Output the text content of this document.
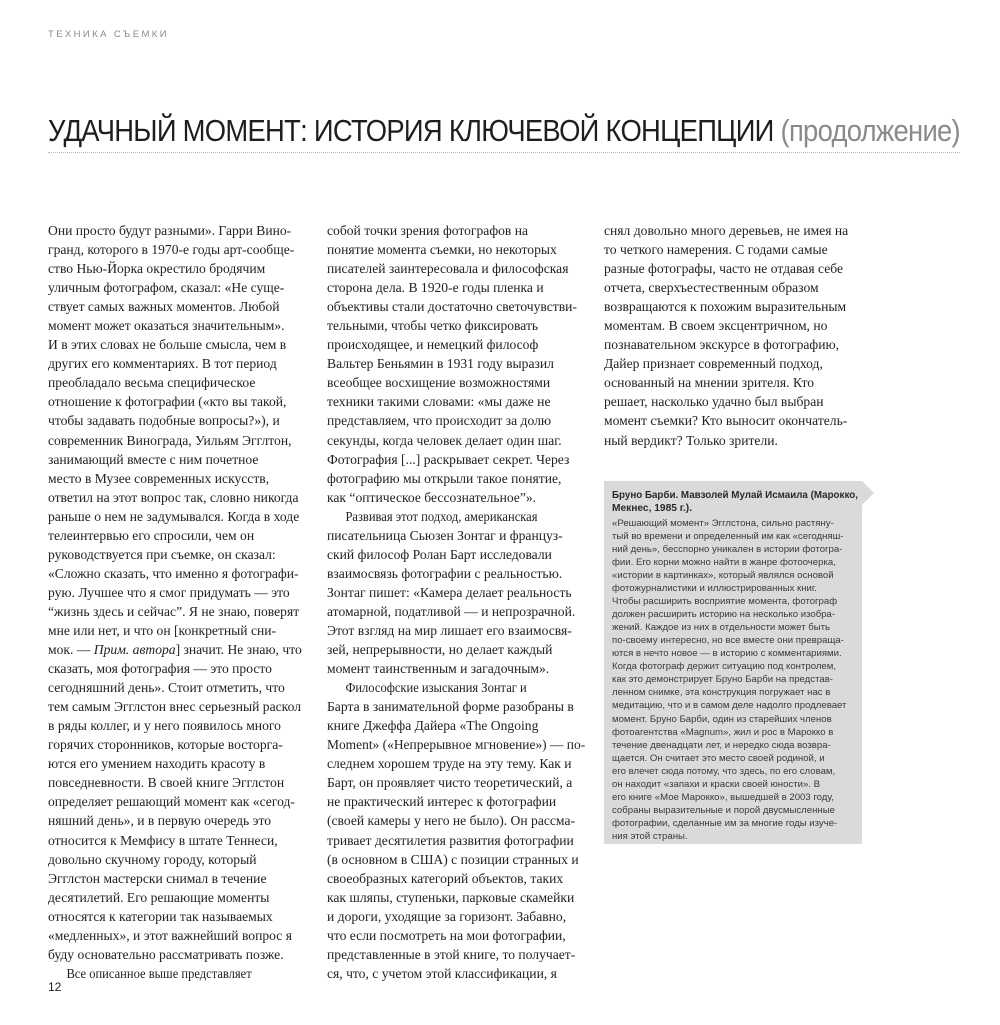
ТЕХНИКА СЪЕМКИ
УДАЧНЫЙ МОМЕНТ: ИСТОРИЯ КЛЮЧЕВОЙ КОНЦЕПЦИИ (продолжение)
Они просто будут разными». Гарри Вино-
гранд, которого в 1970-е годы арт-сообще-
ство Нью-Йорка окрестило бродячим
уличным фотографом, сказал: «Не суще-
ствует самых важных моментов. Любой
момент может оказаться значительным».
И в этих словах не больше смысла, чем в
других его комментариях. В тот период
преобладало весьма специфическое
отношение к фотографии («кто вы такой,
чтобы задавать подобные вопросы?»), и
современник Винограда, Уильям Эгглтон,
занимающий вместе с ним почетное
место в Музее современных искусств,
ответил на этот вопрос так, словно никогда
раньше о нем не задумывался. Когда в ходе
телеинтервью его спросили, чем он
руководствуется при съемке, он сказал:
«Сложно сказать, что именно я фотографи-
рую. Лучшее что я смог придумать — это
“жизнь здесь и сейчас”. Я не знаю, поверят
мне или нет, и что он [конкретный сни-
мок. — Прим. автора] значит. Не знаю, что
сказать, моя фотография — это просто
сегодняшний день». Стоит отметить, что
тем самым Эгглстон внес серьезный раскол
в ряды коллег, и у него появилось много
горячих сторонников, которые восторга-
ются его умением находить красоту в
повседневности. В своей книге Эгглстон
определяет решающий момент как «сегод-
няшний день», и в первую очередь это
относится к Мемфису в штате Теннеси,
довольно скучному городу, который
Эгглстон мастерски снимал в течение
десятилетий. Его решающие моменты
относятся к категории так называемых
«медленных», и этот важнейший вопрос я
буду основательно рассматривать позже.
Все описанное выше представляет
собой точки зрения фотографов на
понятие момента съемки, но некоторых
писателей заинтересовала и философская
сторона дела. В 1920-е годы пленка и
объективы стали достаточно светочувстви-
тельными, чтобы четко фиксировать
происходящее, и немецкий философ
Вальтер Беньямин в 1931 году выразил
всеобщее восхищение возможностями
техники такими словами: «мы даже не
представляем, что происходит за долю
секунды, когда человек делает один шаг.
Фотография [...] раскрывает секрет. Через
фотографию мы открыли такое понятие,
как “оптическое бессознательное”».
Развивая этот подход, американская
писательница Сьюзен Зонтаг и француз-
ский философ Ролан Барт исследовали
взаимосвязь фотографии с реальностью.
Зонтаг пишет: «Камера делает реальность
атомарной, податливой — и непрозрачной.
Этот взгляд на мир лишает его взаимосвя-
зей, непрерывности, но делает каждый
момент таинственным и загадочным».
Философские изыскания Зонтаг и
Барта в занимательной форме разобраны в
книге Джеффа Дайера «The Ongoing
Moment» («Непрерывное мгновение») — по-
следнем хорошем труде на эту тему. Как и
Барт, он проявляет чисто теоретический, а
не практический интерес к фотографии
(своей камеры у него не было). Он рассма-
тривает десятилетия развития фотографии
(в основном в США) с позиции странных и
своеобразных категорий объектов, таких
как шляпы, ступеньки, парковые скамейки
и дороги, уходящие за горизонт. Забавно,
что если посмотреть на мои фотографии,
представленные в этой книге, то получает-
ся, что, с учетом этой классификации, я
снял довольно много деревьев, не имея на
то четкого намерения. С годами самые
разные фотографы, часто не отдавая себе
отчета, сверхъестественным образом
возвращаются к похожим выразительным
моментам. В своем эксцентричном, но
познавательном экскурсе в фотографию,
Дайер признает современный подход,
основанный на мнении зрителя. Кто
решает, насколько удачно был выбран
момент съемки? Кто выносит окончатель-
ный вердикт? Только зрители.
Бруно Барби. Мавзолей Мулай Исмаила (Марокко,
Мекнес, 1985 г.).
«Решающий момент» Эгглстона, сильно растяну-
тый во времени и определенный им как «сегодняш-
ний день», бесспорно уникален в истории фотогра-
фии. Его корни можно найти в жанре фотоочерка,
«истории в картинках», который являлся основой
фотожурналистики и иллюстрированных книг.
Чтобы расширить восприятие момента, фотограф
должен расширить историю на несколько изобра-
жений. Каждое из них в отдельности может быть
по-своему интересно, но все вместе они превраща-
ются в нечто новое — в историю с комментариями.
Когда фотограф держит ситуацию под контролем,
как это демонстрирует Бруно Барби на представ-
ленном снимке, эта конструкция погружает нас в
медитацию, что и в самом деле надолго продлевает
момент. Бруно Барби, один из старейших членов
фотоагентства «Magnum», жил и рос в Марокко в
течение двенадцати лет, и нередко сюда возвра-
щается. Он считает это место своей родиной, и
его влечет сюда потому, что здесь, по его словам,
он находит «запахи и краски своей юности». В
его книге «Мое Марокко», вышедшей в 2003 году,
собраны выразительные и порой двусмысленные
фотографии, сделанные им за многие годы изуче-
ния этой страны.
12
